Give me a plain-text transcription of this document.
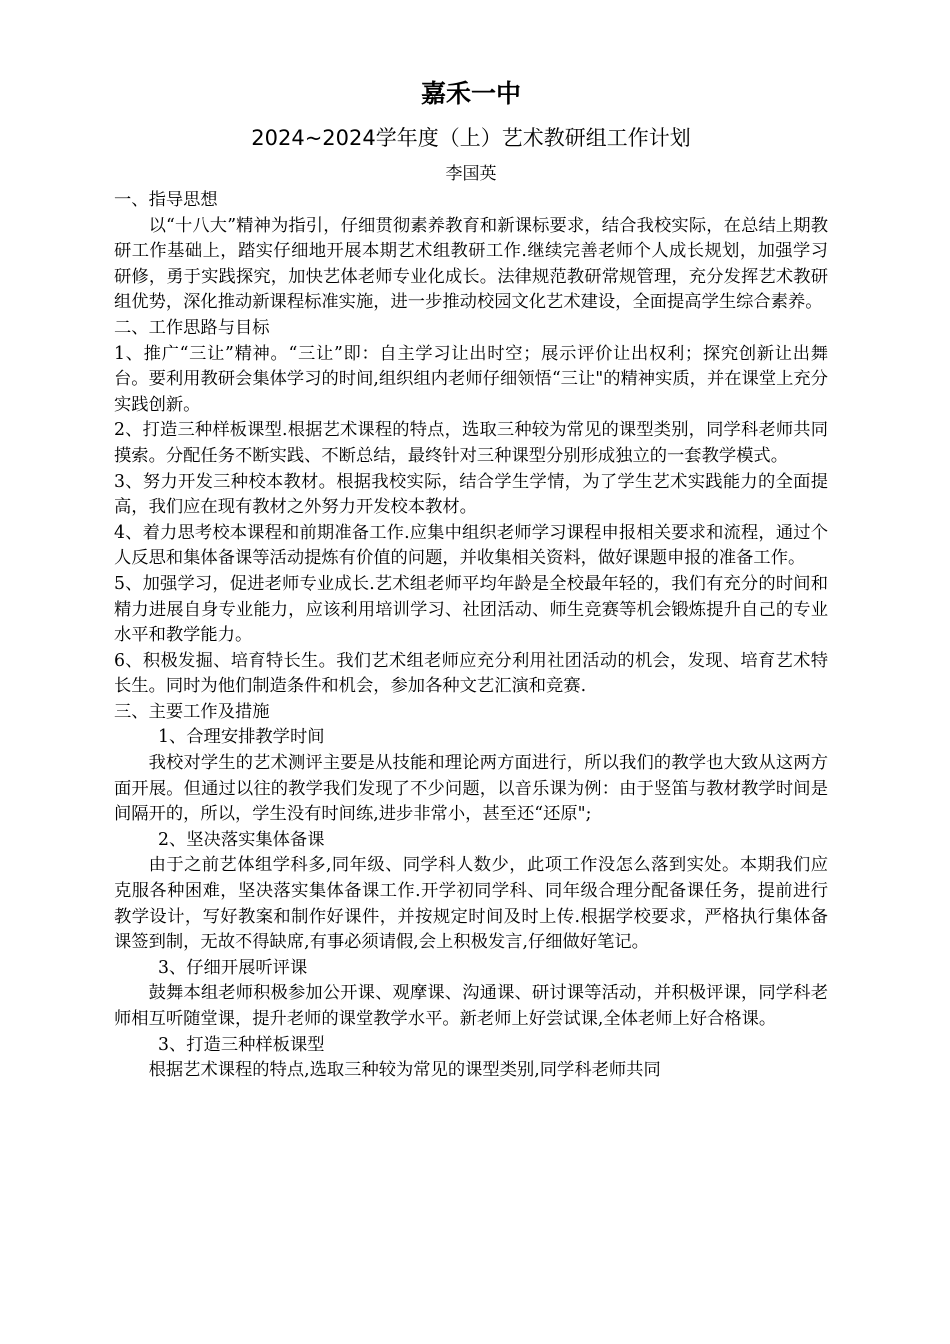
嘉禾一中
2024~2024学年度（上）艺术教研组工作计划
李国英

一、指导思想

以“十八大”精神为指引，仔细贯彻素养教育和新课标要求，结合我校实际，在总结上期教研工作基础上，踏实仔细地开展本期艺术组教研工作.继续完善老师个人成长规划，加强学习研修，勇于实践探究，加快艺体老师专业化成长。法律规范教研常规管理，充分发挥艺术教研组优势，深化推动新课程标准实施，进一步推动校园文化艺术建设，全面提高学生综合素养。

二、工作思路与目标

1、推广“三让”精神。“三让”即：自主学习让出时空；展示评价让出权利；探究创新让出舞台。要利用教研会集体学习的时间,组织组内老师仔细领悟“三让"的精神实质，并在课堂上充分实践创新。

2、打造三种样板课型.根据艺术课程的特点，选取三种较为常见的课型类别，同学科老师共同摸索。分配任务不断实践、不断总结，最终针对三种课型分别形成独立的一套教学模式。

3、努力开发三种校本教材。根据我校实际，结合学生学情，为了学生艺术实践能力的全面提高，我们应在现有教材之外努力开发校本教材。

4、着力思考校本课程和前期准备工作.应集中组织老师学习课程申报相关要求和流程，通过个人反思和集体备课等活动提炼有价值的问题，并收集相关资料，做好课题申报的准备工作。

5、加强学习，促进老师专业成长.艺术组老师平均年龄是全校最年轻的，我们有充分的时间和精力进展自身专业能力，应该利用培训学习、社团活动、师生竞赛等机会锻炼提升自己的专业水平和教学能力。

6、积极发掘、培育特长生。我们艺术组老师应充分利用社团活动的机会，发现、培育艺术特长生。同时为他们制造条件和机会，参加各种文艺汇演和竞赛.

三、主要工作及措施

1、合理安排教学时间

我校对学生的艺术测评主要是从技能和理论两方面进行，所以我们的教学也大致从这两方面开展。但通过以往的教学我们发现了不少问题，以音乐课为例：由于竖笛与教材教学时间是间隔开的，所以，学生没有时间练,进步非常小，甚至还“还原";

2、坚决落实集体备课

由于之前艺体组学科多,同年级、同学科人数少，此项工作没怎么落到实处。本期我们应克服各种困难，坚决落实集体备课工作.开学初同学科、同年级合理分配备课任务，提前进行教学设计，写好教案和制作好课件，并按规定时间及时上传.根据学校要求，严格执行集体备课签到制，无故不得缺席,有事必须请假,会上积极发言,仔细做好笔记。

3、仔细开展听评课

鼓舞本组老师积极参加公开课、观摩课、沟通课、研讨课等活动，并积极评课，同学科老师相互听随堂课，提升老师的课堂教学水平。新老师上好尝试课,全体老师上好合格课。

3、打造三种样板课型

根据艺术课程的特点,选取三种较为常见的课型类别,同学科老师共同
